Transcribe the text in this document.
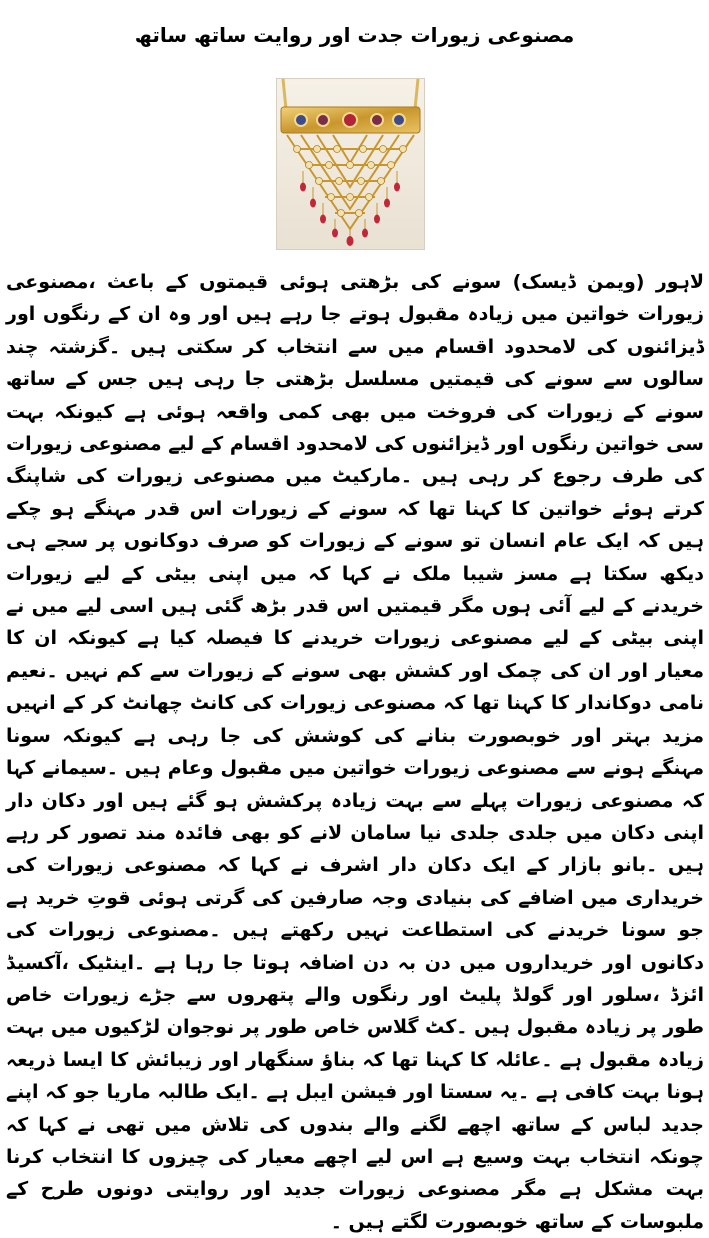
مصنوعی زیورات جدت اور روایت ساتھ ساتھ
لاہور (ویمن ڈیسک) سونے کی بڑھتی ہوئی قیمتوں کے باعث ،مصنوعی زیورات خواتین میں زیادہ مقبول ہوتے جا رہے ہیں اور وہ ان کے رنگوں اور ڈیزائنوں کی لامحدود اقسام میں سے انتخاب کر سکتی ہیں ۔گزشتہ چند سالوں سے سونے کی قیمتیں مسلسل بڑھتی جا رہی ہیں جس کے ساتھ سونے کے زیورات کی فروخت میں بھی کمی واقعہ ہوئی ہے کیونکہ بہت سی خواتین رنگوں اور ڈیزائنوں کی لامحدود اقسام کے لیے مصنوعی زیورات کی طرف رجوع کر رہی ہیں ۔مارکیٹ میں مصنوعی زیورات کی شاپنگ کرتے ہوئے خواتین کا کہنا تھا کہ سونے کے زیورات اس قدر مہنگے ہو چکے ہیں کہ ایک عام انسان تو سونے کے زیورات کو صرف دوکانوں پر سجے ہی دیکھ سکتا ہے مسز شیبا ملک نے کہا کہ میں اپنی بیٹی کے لیے زیورات خریدنے کے لیے آئی ہوں مگر قیمتیں اس قدر بڑھ گئی ہیں اسی لیے میں نے اپنی بیٹی کے لیے مصنوعی زیورات خریدنے کا فیصلہ کیا ہے کیونکہ ان کا معیار اور ان کی چمک اور کشش بھی سونے کے زیورات سے کم نہیں ۔نعیم نامی دوکاندار کا کہنا تھا کہ مصنوعی زیورات کی کانٹ چھانٹ کر کے انہیں مزید بہتر اور خوبصورت بنانے کی کوشش کی جا رہی ہے کیونکہ سونا مہنگے ہونے سے مصنوعی زیورات خواتین میں مقبول وعام ہیں ۔سیمانے کہا کہ مصنوعی زیورات پہلے سے بہت زیادہ پرکشش ہو گئے ہیں اور دکان دار اپنی دکان میں جلدی جلدی نیا سامان لانے کو بھی فائدہ مند تصور کر رہے ہیں ۔بانو بازار کے ایک دکان دار اشرف نے کہا کہ مصنوعی زیورات کی خریداری میں اضافے کی بنیادی وجہ صارفین کی گرتی ہوئی قوتِ خرید ہے جو سونا خریدنے کی استطاعت نہیں رکھتے ہیں ۔مصنوعی زیورات کی دکانوں اور خریداروں میں دن بہ دن اضافہ ہوتا جا رہا ہے ۔اینٹیک ،آکسیڈ ائزڈ ،سلور اور گولڈ پلیٹ اور رنگوں والے پتھروں سے جڑے زیورات خاص طور پر زیادہ مقبول ہیں ۔کٹ گلاس خاص طور پر نوجوان لڑکیوں میں بہت زیادہ مقبول ہے ۔عائلہ کا کہنا تھا کہ بناؤ سنگھار اور زیبائش کا ایسا ذریعہ ہونا بہت کافی ہے ۔یہ سستا اور فیشن ایبل ہے ۔ایک طالبہ ماریا جو کہ اپنے جدید لباس کے ساتھ اچھے لگنے والے بندوں کی تلاش میں تھی نے کہا کہ چونکہ انتخاب بہت وسیع ہے اس لیے اچھے معیار کی چیزوں کا انتخاب کرنا بہت مشکل ہے مگر مصنوعی زیورات جدید اور روایتی دونوں طرح کے ملبوسات کے ساتھ خوبصورت لگتے ہیں ۔
